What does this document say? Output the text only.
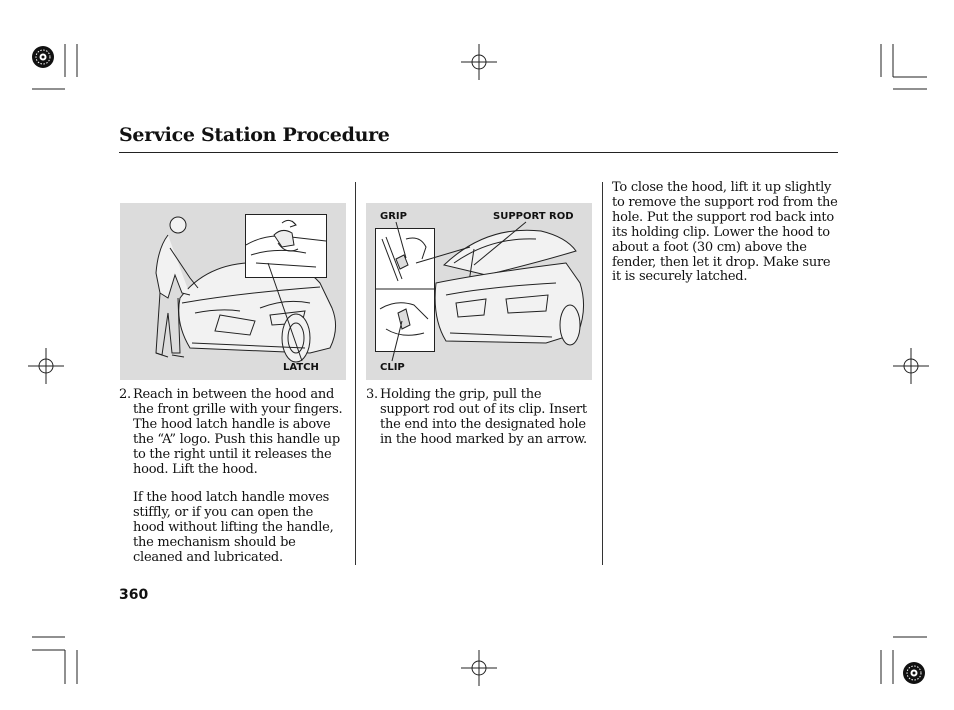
Service Station Procedure
LATCH
GRIP	SUPPORT ROD
CLIP
2. Reach in between the hood and the front grille with your fingers. The hood latch handle is above the “A” logo. Push this handle up to the right until it releases the hood. Lift the hood.
If the hood latch handle moves stiffly, or if you can open the hood without lifting the handle, the mechanism should be cleaned and lubricated.
3. Holding the grip, pull the support rod out of its clip. Insert the end into the designated hole in the hood marked by an arrow.
To close the hood, lift it up slightly to remove the support rod from the hole. Put the support rod back into its holding clip. Lower the hood to about a foot (30 cm) above the fender, then let it drop. Make sure it is securely latched.
360
